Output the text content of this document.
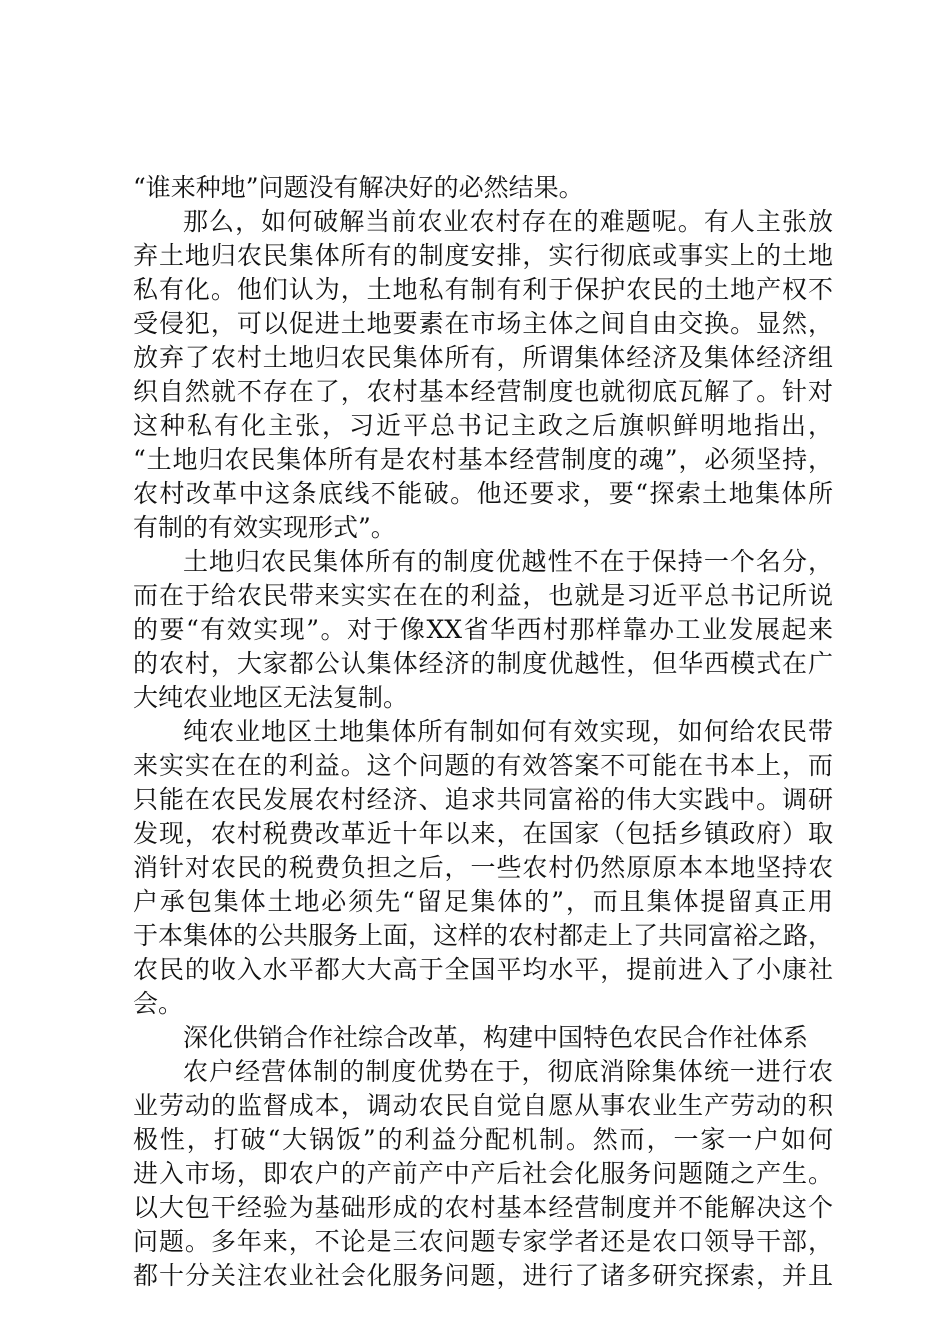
“谁来种地”问题没有解决好的必然结果。
那么，如何破解当前农业农村存在的难题呢。有人主张放
弃土地归农民集体所有的制度安排，实行彻底或事实上的土地
私有化。他们认为，土地私有制有利于保护农民的土地产权不
受侵犯，可以促进土地要素在市场主体之间自由交换。显然，
放弃了农村土地归农民集体所有，所谓集体经济及集体经济组
织自然就不存在了，农村基本经营制度也就彻底瓦解了。针对
这种私有化主张，习近平总书记主政之后旗帜鲜明地指出，
“土地归农民集体所有是农村基本经营制度的魂”，必须坚持，
农村改革中这条底线不能破。他还要求，要“探索土地集体所
有制的有效实现形式”。
土地归农民集体所有的制度优越性不在于保持一个名分，
而在于给农民带来实实在在的利益，也就是习近平总书记所说
的要“有效实现”。对于像XX省华西村那样靠办工业发展起来
的农村，大家都公认集体经济的制度优越性，但华西模式在广
大纯农业地区无法复制。
纯农业地区土地集体所有制如何有效实现，如何给农民带
来实实在在的利益。这个问题的有效答案不可能在书本上，而
只能在农民发展农村经济、追求共同富裕的伟大实践中。调研
发现，农村税费改革近十年以来，在国家（包括乡镇政府）取
消针对农民的税费负担之后，一些农村仍然原原本本地坚持农
户承包集体土地必须先“留足集体的”，而且集体提留真正用
于本集体的公共服务上面，这样的农村都走上了共同富裕之路，
农民的收入水平都大大高于全国平均水平，提前进入了小康社
会。
深化供销合作社综合改革，构建中国特色农民合作社体系
农户经营体制的制度优势在于，彻底消除集体统一进行农
业劳动的监督成本，调动农民自觉自愿从事农业生产劳动的积
极性，打破“大锅饭”的利益分配机制。然而，一家一户如何
进入市场，即农户的产前产中产后社会化服务问题随之产生。
以大包干经验为基础形成的农村基本经营制度并不能解决这个
问题。多年来，不论是三农问题专家学者还是农口领导干部，
都十分关注农业社会化服务问题，进行了诸多研究探索，并且
